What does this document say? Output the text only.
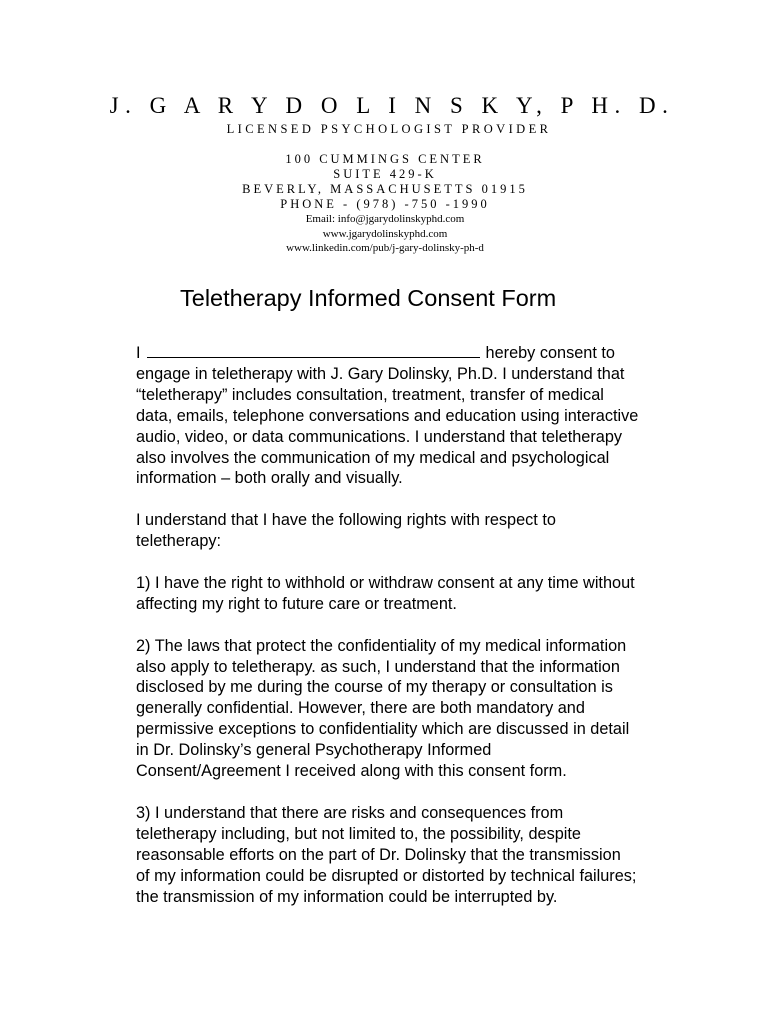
J. G A R Y D O L I N S K Y, P H. D.
LICENSED PSYCHOLOGIST PROVIDER
100 CUMMINGS CENTER
SUITE 429-K
BEVERLY, MASSACHUSETTS 01915
PHONE - (978) -750 -1990
Email: info@jgarydolinskyphd.com
www.jgarydolinskyphd.com
www.linkedin.com/pub/j-gary-dolinsky-ph-d
Teletherapy Informed Consent Form
I	hereby consent to
engage in teletherapy with J. Gary Dolinsky, Ph.D. I understand that
“teletherapy” includes consultation, treatment, transfer of medical
data, emails, telephone conversations and education using interactive
audio, video, or data communications. I understand that teletherapy
also involves the communication of my medical and psychological
information – both orally and visually.
I understand that I have the following rights with respect to
teletherapy:
1) I have the right to withhold or withdraw consent at any time without
affecting my right to future care or treatment.
2) The laws that protect the confidentiality of my medical information
also apply to teletherapy. as such, I understand that the information
disclosed by me during the course of my therapy or consultation is
generally confidential. However, there are both mandatory and
permissive exceptions to confidentiality which are discussed in detail
in Dr. Dolinsky’s general Psychotherapy Informed
Consent/Agreement I received along with this consent form.
3) I understand that there are risks and consequences from
teletherapy including, but not limited to, the possibility, despite
reasonsable efforts on the part of Dr. Dolinsky that the transmission
of my information could be disrupted or distorted by technical failures;
the transmission of my information could be interrupted by.
